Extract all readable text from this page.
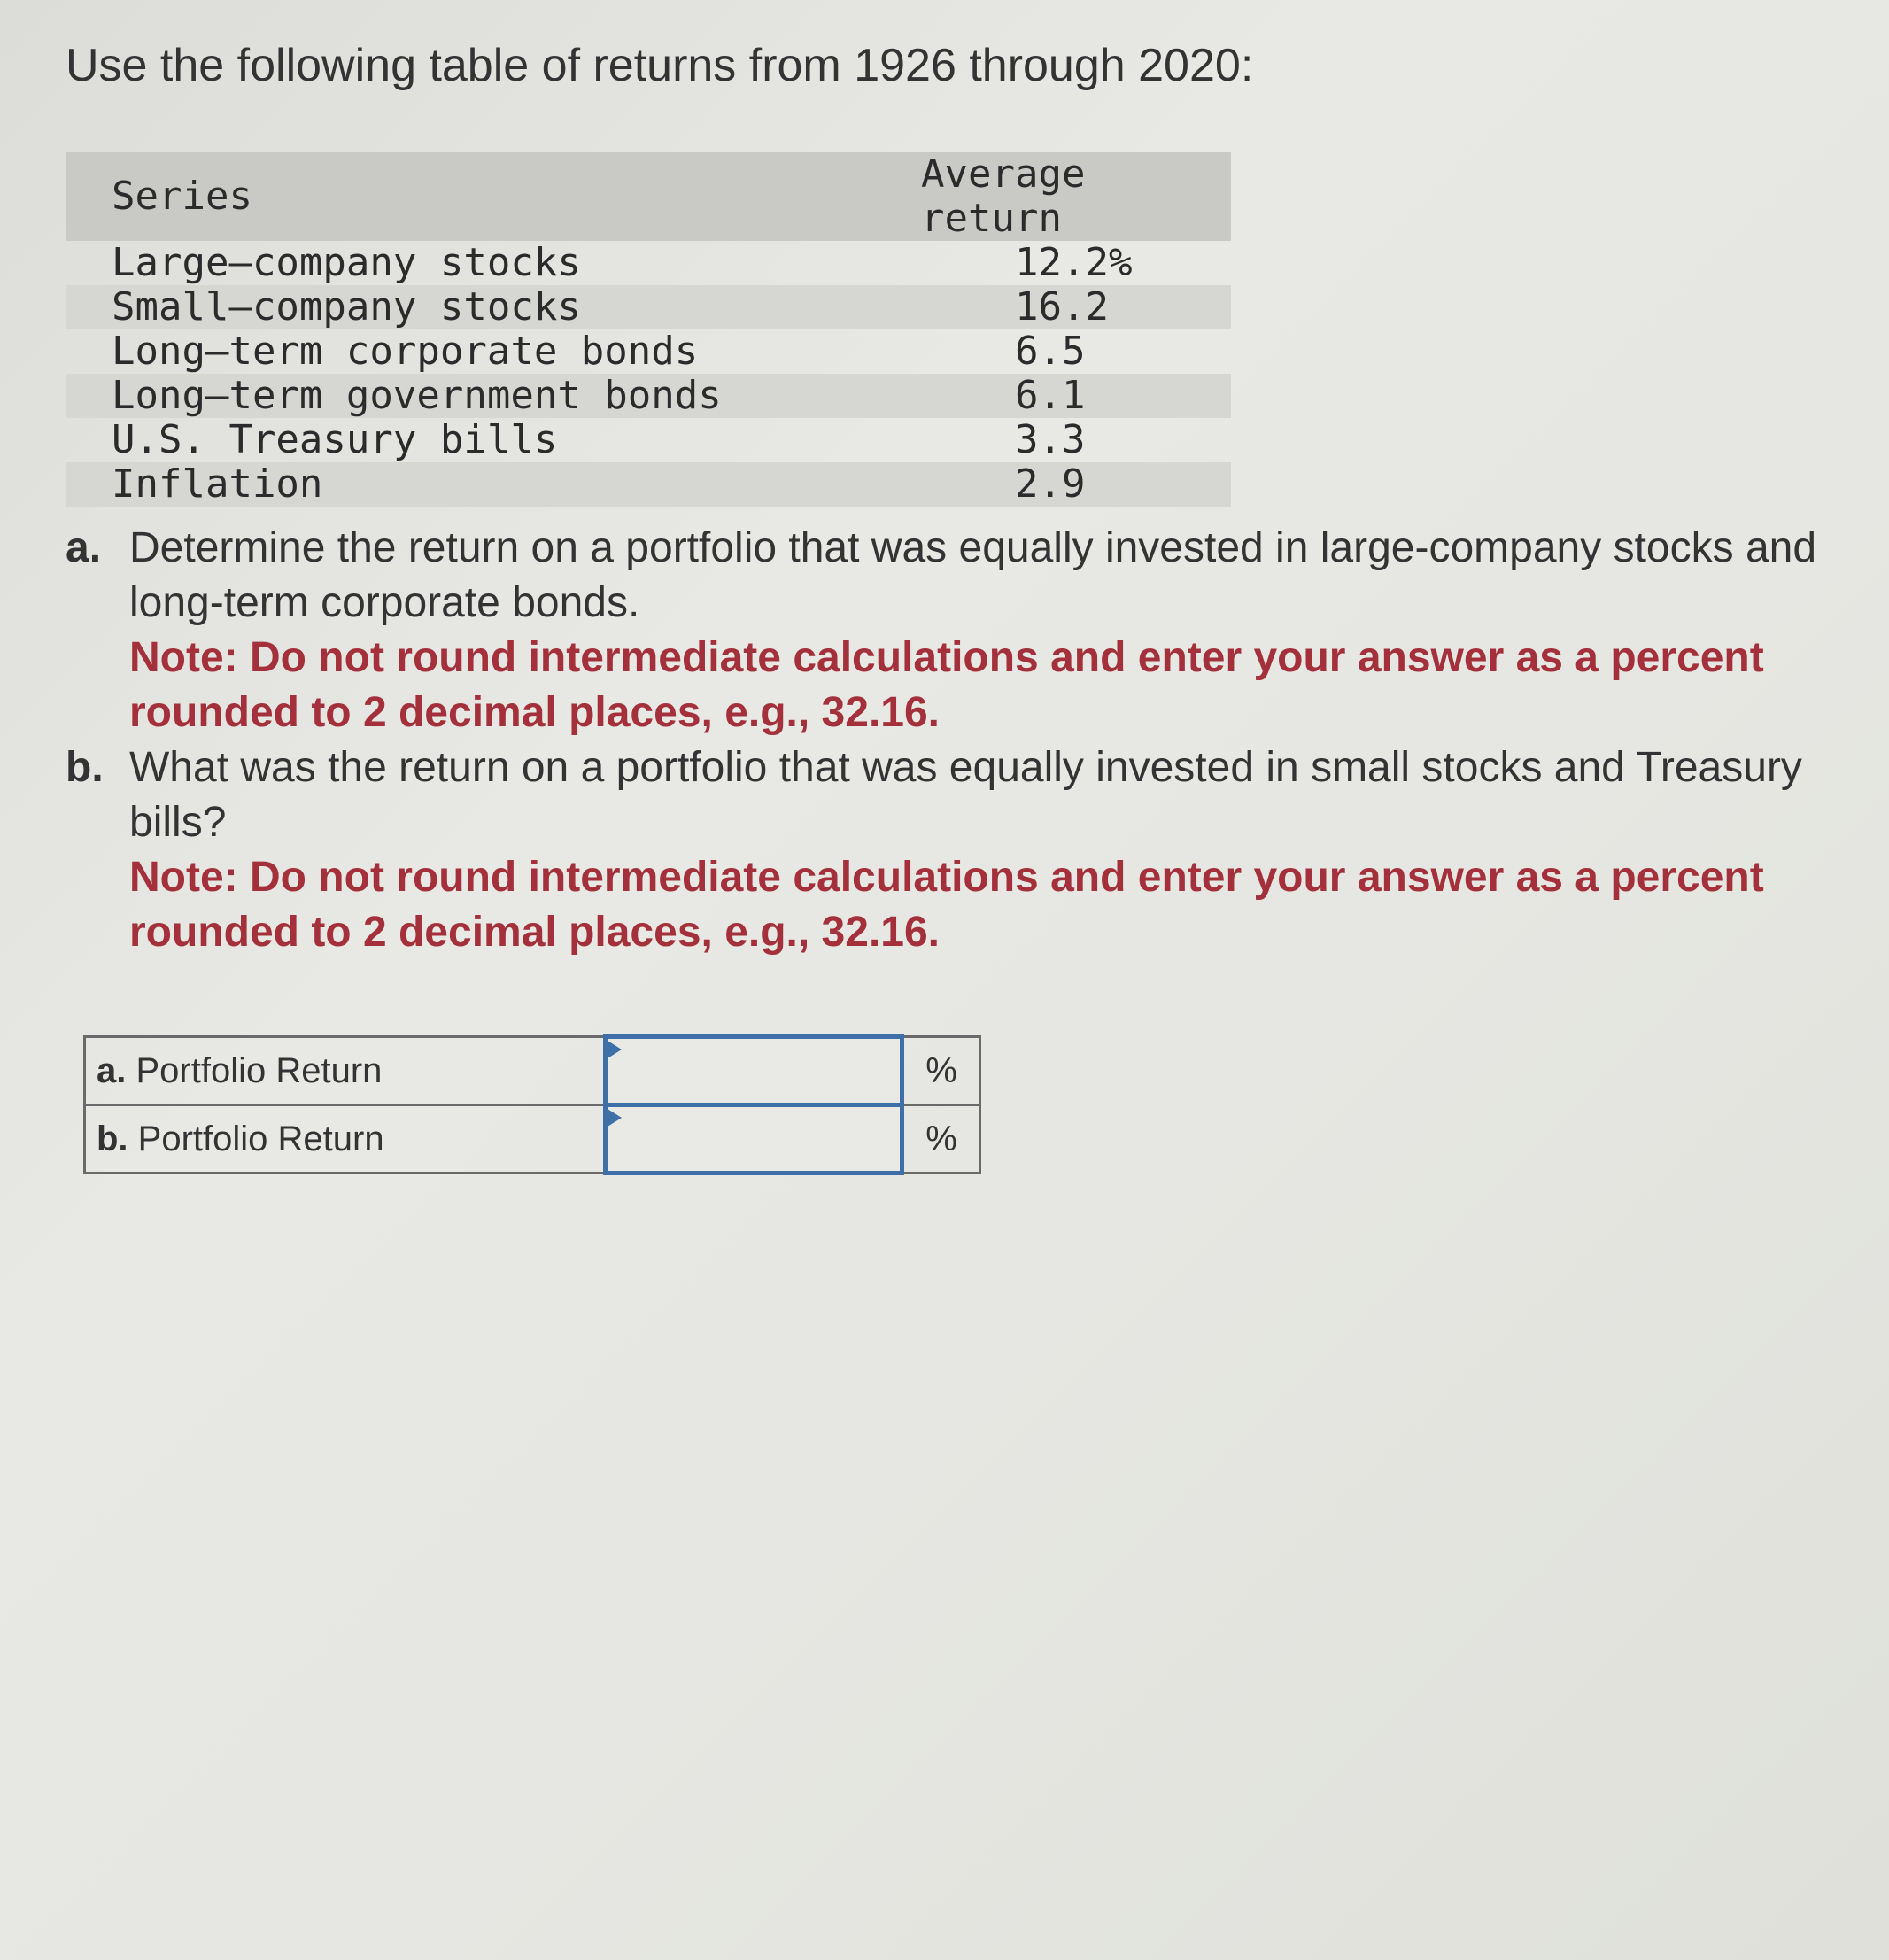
Use the following table of returns from 1926 through 2020:

Series	Average return
Large–company stocks	12.2%
Small–company stocks	16.2
Long–term corporate bonds	6.5
Long–term government bonds	6.1
U.S. Treasury bills	3.3
Inflation	2.9
a. Determine the return on a portfolio that was equally invested in large-company stocks and long-term corporate bonds.
Note: Do not round intermediate calculations and enter your answer as a percent rounded to 2 decimal places, e.g., 32.16.
b. What was the return on a portfolio that was equally invested in small stocks and Treasury bills?
Note: Do not round intermediate calculations and enter your answer as a percent rounded to 2 decimal places, e.g., 32.16.
a. Portfolio Return		%
b. Portfolio Return		%
